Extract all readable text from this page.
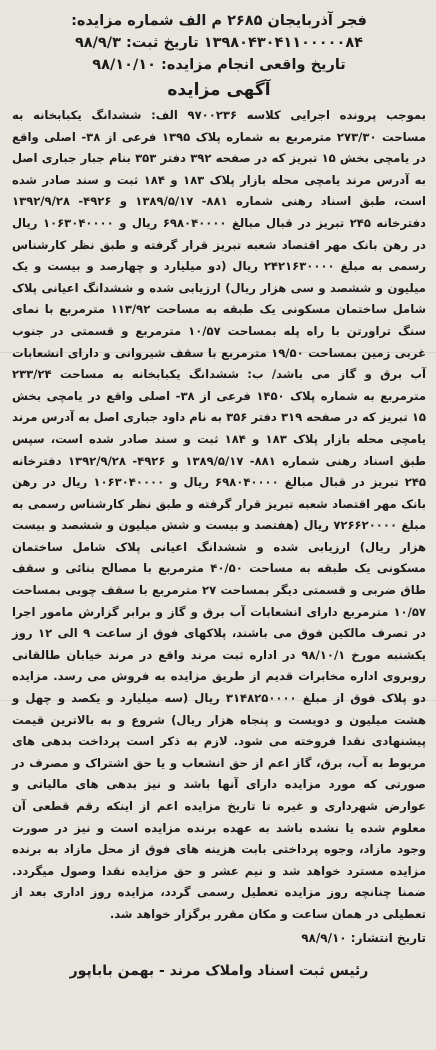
فجر آذربایجان ۲۶۸۵ م الف شماره مزایده:
۱۳۹۸۰۴۳۰۴۱۱۰۰۰۰۰۸۴ تاریخ ثبت: ۹۸/۹/۳
تاریخ واقعی انجام مزایده: ۹۸/۱۰/۱۰
آگهی مزایده
بموجب پرونده اجرایی کلاسه ۹۷۰۰۲۳۶ الف: ششدانگ یکبابخانه به مساحت ۲۷۳/۳۰ مترمربع به شماره پلاک ۱۳۹۵ فرعی از ۳۸- اصلی واقع در یامچی بخش ۱۵ تبریز که در صفحه ۳۹۲ دفتر ۳۵۳ بنام جبار جباری اصل به آدرس مرند یامچی محله بازار پلاک ۱۸۳ و ۱۸۴ ثبت و سند صادر شده است، طبق اسناد رهنی شماره ۸۸۱- ۱۳۸۹/۵/۱۷ و ۴۹۲۶- ۱۳۹۲/۹/۲۸ دفترخانه ۲۴۵ تبریز در قبال مبالغ ۶۹۸۰۴۰۰۰۰ ریال و ۱۰۶۳۰۴۰۰۰۰ ریال در رهن بانک مهر اقتصاد شعبه تبریز قرار گرفته و طبق نظر کارشناس رسمی به مبلغ ۲۴۲۱۶۳۰۰۰۰ ریال (دو میلیارد و چهارصد و بیست و یک میلیون و ششصد و سی هزار ریال) ارزیابی شده و ششدانگ اعیانی پلاک شامل ساختمان مسکونی یک طبقه به مساحت ۱۱۳/۹۲ مترمربع با نمای سنگ تراورتن با راه پله بمساحت ۱۰/۵۷ مترمربع و قسمتی در جنوب غربی زمین بمساحت ۱۹/۵۰ مترمربع با سقف شیروانی و دارای انشعابات آب برق و گاز می باشد/ ب: ششدانگ یکبابخانه به مساحت ۲۳۳/۲۴ مترمربع به شماره پلاک ۱۴۵۰ فرعی از ۳۸- اصلی واقع در یامچی بخش ۱۵ تبریز که در صفحه ۳۱۹ دفتر ۳۵۶ به نام داود جباری اصل به آدرس مرند یامچی محله بازار پلاک ۱۸۳ و ۱۸۴ ثبت و سند صادر شده است، سپس طبق اسناد رهنی شماره ۸۸۱- ۱۳۸۹/۵/۱۷ و ۴۹۲۶- ۱۳۹۲/۹/۲۸ دفترخانه ۲۴۵ تبریز در قبال مبالغ ۶۹۸۰۴۰۰۰۰ ریال و ۱۰۶۳۰۴۰۰۰۰ ریال در رهن بانک مهر اقتصاد شعبه تبریز قرار گرفته و طبق نظر کارشناس رسمی به مبلغ ۷۲۶۶۲۰۰۰۰ ریال (هفتصد و بیست و شش میلیون و ششصد و بیست هزار ریال) ارزیابی شده و ششدانگ اعیانی پلاک شامل ساختمان مسکونی یک طبقه به مساحت ۴۰/۵۰ مترمربع با مصالح بنائی و سقف طاق ضربی و قسمتی دیگر بمساحت ۲۷ مترمربع با سقف چوبی بمساحت ۱۰/۵۷ مترمربع دارای انشعابات آب برق و گاز و برابر گزارش مامور اجرا در تصرف مالکین فوق می باشند، پلاکهای فوق از ساعت ۹ الی ۱۲ روز یکشنبه مورخ ۹۸/۱۰/۱ در اداره ثبت مرند واقع در مرند خیابان طالقانی روبروی اداره مخابرات قدیم از طریق مزایده به فروش می رسد. مزایده دو پلاک فوق از مبلغ ۳۱۴۸۲۵۰۰۰۰ ریال (سه میلیارد و یکصد و چهل و هشت میلیون و دویست و پنجاه هزار ریال) شروع و به بالاترین قیمت پیشنهادی نقدا فروخته می شود. لازم به ذکر است پرداخت بدهی های مربوط به آب، برق، گاز اعم از حق انشعاب و یا حق اشتراک و مصرف در صورتی که مورد مزایده دارای آنها باشد و نیز بدهی های مالیاتی و عوارض شهرداری و غیره تا تاریخ مزایده اعم از اینکه رقم قطعی آن معلوم شده یا نشده باشد به عهده برنده مزایده است و نیز در صورت وجود مازاد، وجوه پرداختی بابت هزینه های فوق از محل مازاد به برنده مزایده مسترد خواهد شد و نیم عشر و حق مزایده نقدا وصول میگردد. ضمنا چنانچه روز مزایده تعطیل رسمی گردد، مزایده روز اداری بعد از تعطیلی در همان ساعت و مکان مقرر برگزار خواهد شد.
تاریخ انتشار: ۹۸/۹/۱۰
رئیس ثبت اسناد واملاک مرند - بهمن باباپور
